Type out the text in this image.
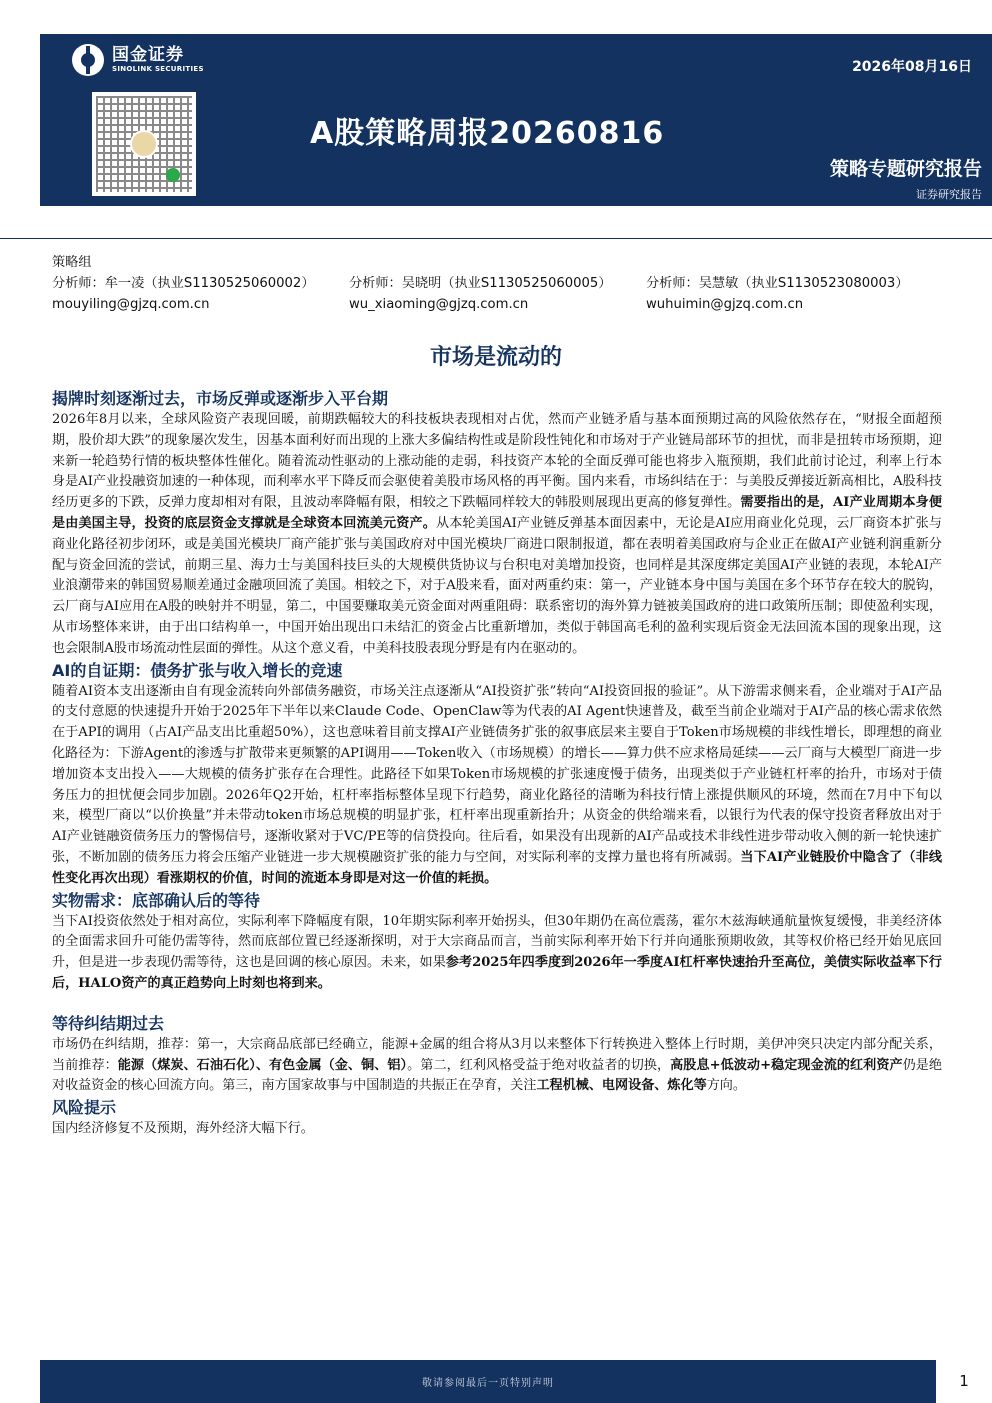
国金证券
SINOLINK SECURITIES	2026年08月16日
A股策略周报20260816
策略专题研究报告
证券研究报告
策略组
分析师：牟一凌（执业S1130525060002）
mouyiling@gjzq.com.cn
分析师：吴晓明（执业S1130525060005）
wu_xiaoming@gjzq.com.cn
分析师：吴慧敏（执业S1130523080003）
wuhuimin@gjzq.com.cn
市场是流动的
揭牌时刻逐渐过去，市场反弹或逐渐步入平台期

2026年8月以来，全球风险资产表现回暖，前期跌幅较大的科技板块表现相对占优，然而产业链矛盾与基本面预期过高的风险依然存在，“财报全面超预期，股价却大跌”的现象屡次发生，因基本面利好而出现的上涨大多偏结构性或是阶段性钝化和市场对于产业链局部环节的担忧，而非是扭转市场预期，迎来新一轮趋势行情的板块整体性催化。随着流动性驱动的上涨动能的走弱，科技资产本轮的全面反弹可能也将步入瓶预期，我们此前讨论过，利率上行本身是AI产业投融资加速的一种体现，而利率水平下降反而会驱使着美股市场风格的再平衡。国内来看，市场纠结在于：与美股反弹接近新高相比，A股科技经历更多的下跌，反弹力度却相对有限，且波动率降幅有限，相较之下跌幅同样较大的韩股则展现出更高的修复弹性。需要指出的是，AI产业周期本身便是由美国主导，投资的底层资金支撑就是全球资本回流美元资产。从本轮美国AI产业链反弹基本面因素中，无论是AI应用商业化兑现，云厂商资本扩张与商业化路径初步闭环，或是美国光模块厂商产能扩张与美国政府对中国光模块厂商进口限制报道，都在表明着美国政府与企业正在做AI产业链利润重新分配与资金回流的尝试，前期三星、海力士与美国科技巨头的大规模供货协议与台积电对美增加投资，也同样是其深度绑定美国AI产业链的表现，本轮AI产业浪潮带来的韩国贸易顺差通过金融项回流了美国。相较之下，对于A股来看，面对两重约束：第一，产业链本身中国与美国在多个环节存在较大的脱钩，云厂商与AI应用在A股的映射并不明显，第二，中国要赚取美元资金面对两重阻碍：联系密切的海外算力链被美国政府的进口政策所压制；即使盈利实现，从市场整体来讲，由于出口结构单一，中国开始出现出口未结汇的资金占比重新增加，类似于韩国高毛利的盈利实现后资金无法回流本国的现象出现，这也会限制A股市场流动性层面的弹性。从这个意义看，中美科技股表现分野是有内在驱动的。

AI的自证期：债务扩张与收入增长的竞速

随着AI资本支出逐渐由自有现金流转向外部债务融资，市场关注点逐渐从“AI投资扩张”转向“AI投资回报的验证”。从下游需求侧来看，企业端对于AI产品的支付意愿的快速提升开始于2025年下半年以来Claude Code、OpenClaw等为代表的AI Agent快速普及，截至当前企业端对于AI产品的核心需求依然在于API的调用（占AI产品支出比重超50%），这也意味着目前支撑AI产业链债务扩张的叙事底层来主要自于Token市场规模的非线性增长，即理想的商业化路径为：下游Agent的渗透与扩散带来更频繁的API调用——Token收入（市场规模）的增长——算力供不应求格局延续——云厂商与大模型厂商进一步增加资本支出投入——大规模的债务扩张存在合理性。此路径下如果Token市场规模的扩张速度慢于债务，出现类似于产业链杠杆率的抬升，市场对于债务压力的担忧便会同步加剧。2026年Q2开始，杠杆率指标整体呈现下行趋势，商业化路径的清晰为科技行情上涨提供顺风的环境，然而在7月中下旬以来，模型厂商以“以价换量”并未带动token市场总规模的明显扩张，杠杆率出现重新抬升；从资金的供给端来看，以银行为代表的保守投资者释放出对于AI产业链融资债务压力的警惕信号，逐渐收紧对于VC/PE等的信贷投向。往后看，如果没有出现新的AI产品或技术非线性进步带动收入侧的新一轮快速扩张，不断加剧的债务压力将会压缩产业链进一步大规模融资扩张的能力与空间，对实际利率的支撑力量也将有所减弱。当下AI产业链股价中隐含了（非线性变化再次出现）看涨期权的价值，时间的流逝本身即是对这一价值的耗损。

实物需求：底部确认后的等待

当下AI投资依然处于相对高位，实际利率下降幅度有限，10年期实际利率开始拐头，但30年期仍在高位震荡，霍尔木兹海峡通航量恢复缓慢，非美经济体的全面需求回升可能仍需等待，然而底部位置已经逐渐探明，对于大宗商品而言，当前实际利率开始下行并向通胀预期收敛，其等权价格已经开始见底回升，但是进一步表现仍需等待，这也是回调的核心原因。未来，如果参考2025年四季度到2026年一季度AI杠杆率快速抬升至高位，美债实际收益率下行后，HALO资产的真正趋势向上时刻也将到来。

等待纠结期过去

市场仍在纠结期，推荐：第一，大宗商品底部已经确立，能源+金属的组合将从3月以来整体下行转换进入整体上行时期，美伊冲突只决定内部分配关系，当前推荐：能源（煤炭、石油石化）、有色金属（金、铜、铝）。第二，红利风格受益于绝对收益者的切换，高股息+低波动+稳定现金流的红利资产仍是绝对收益资金的核心回流方向。第三，南方国家故事与中国制造的共振正在孕育，关注工程机械、电网设备、炼化等方向。

风险提示

国内经济修复不及预期，海外经济大幅下行。

敬请参阅最后一页特别声明	1
